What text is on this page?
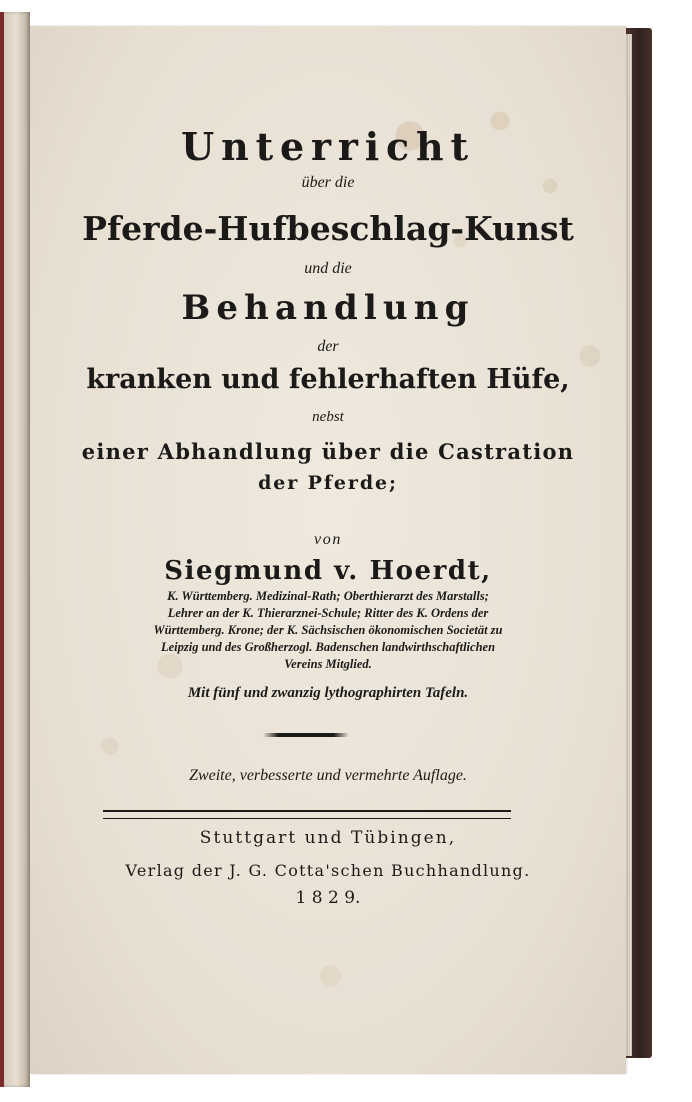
Unterricht
über die
Pferde-Hufbeschlag-Kunst
und die
Behandlung
der
kranken und fehlerhaften Hüfe,
nebst
einer Abhandlung über die Castration
der Pferde;
von
Siegmund v. Hoerdt,
K. Württemberg. Medizinal-Rath; Oberthierarzt des Marstalls;
Lehrer an der K. Thierarznei-Schule; Ritter des K. Ordens der
Württemberg. Krone; der K. Sächsischen ökonomischen Societät zu
Leipzig und des Großherzogl. Badenschen landwirthschaftlichen
Vereins Mitglied.
Mit fünf und zwanzig lythographirten Tafeln.
Zweite, verbesserte und vermehrte Auflage.
Stuttgart und Tübingen,
Verlag der J. G. Cotta'schen Buchhandlung.
1 8 2 9.
